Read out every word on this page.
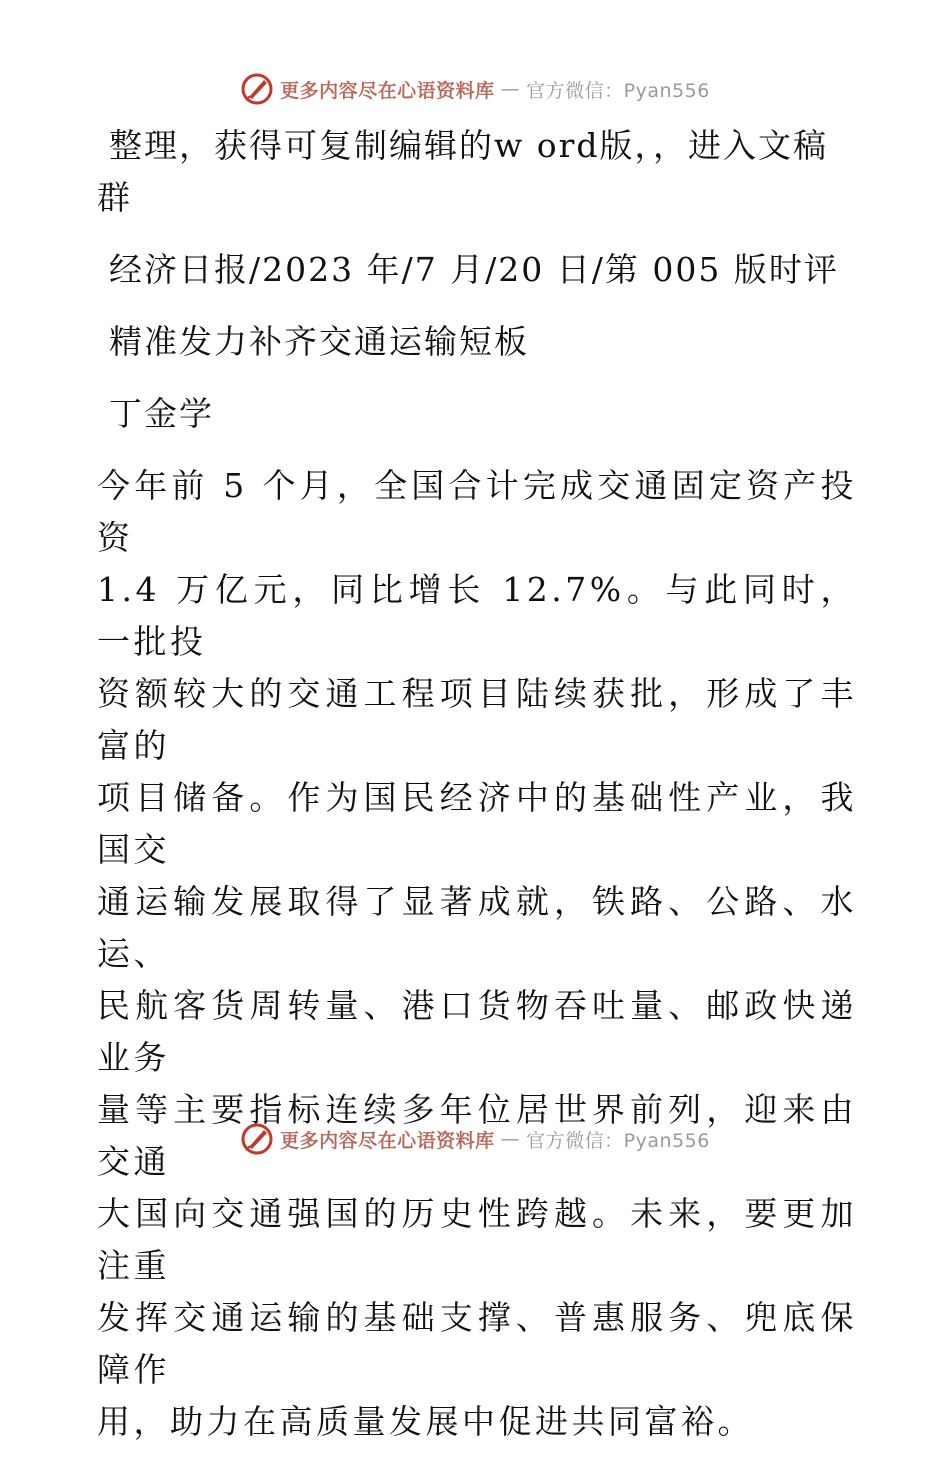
更多内容尽在心语资料库 — 官方微信：Pyan556
整理，获得可复制编辑的w ord版，，进入文稿
群
经济日报/2023 年/7 月/20 日/第 005 版时评
精准发力补齐交通运输短板
丁金学
今年前 5 个月，全国合计完成交通固定资产投资
1.4 万亿元，同比增长 12.7%。与此同时，一批投
资额较大的交通工程项目陆续获批，形成了丰富的
项目储备。作为国民经济中的基础性产业，我国交
通运输发展取得了显著成就，铁路、公路、水运、
民航客货周转量、港口货物吞吐量、邮政快递业务
量等主要指标连续多年位居世界前列，迎来由交通
大国向交通强国的历史性跨越。未来，要更加注重
发挥交通运输的基础支撑、普惠服务、兜底保障作
用，助力在高质量发展中促进共同富裕。
更多内容尽在心语资料库 — 官方微信：Pyan556
